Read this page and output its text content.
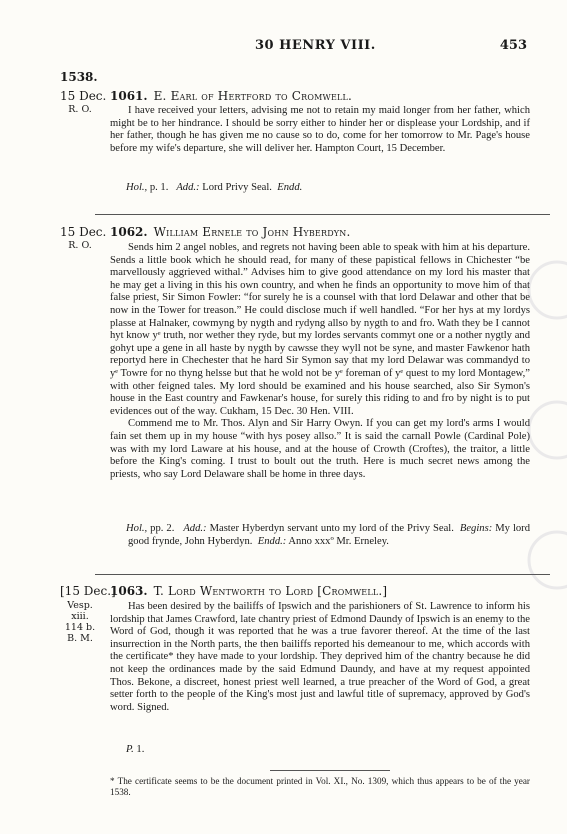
30 HENRY VIII.	453
1538.
15 Dec.
R. O.
1061. E. Earl of Hertford to Cromwell.

I have received your letters, advising me not to retain my maid longer from her father, which might be to her hindrance. I should be sorry either to hinder her or displease your Lordship, and if her father, though he has given me no cause so to do, come for her tomorrow to Mr. Page's house before my wife's departure, she will deliver her. Hampton Court, 15 December.

Hol., p. 1. Add.: Lord Privy Seal. Endd.
15 Dec.
R. O.
1062. William Ernele to John Hyberdyn.

Sends him 2 angel nobles, and regrets not having been able to speak with him at his departure. Sends a little book which he should read, for many of these papistical fellows in Chichester “be marvellously aggrieved withal.” Advises him to give good attendance on my lord his master that he may get a living in this his own country, and when he finds an opportunity to move him of that false priest, Sir Simon Fowler: “for surely he is a counsel with that lord Delawar and other that be now in the Tower for treason.” He could disclose much if well handled. “For her hys at my lordys plasse at Halnaker, cowmyng by nygth and rydyng allso by nygth to and fro. Wath they be I cannot hyt know yᵉ truth, nor wether they ryde, but my lordes servants commyt one or a nother nygtly and gohyt upe a gene in all haste by nygth by cawsse they wyll not be syne, and master Fawkenor hath reportyd here in Chechester that he hard Sir Symon say that my lord Delawar was commandyd to yᵉ Towre for no thyng helsse but that he wold not be yᵉ foreman of yᵉ quest to my lord Montagew,” with other feigned tales. My lord should be examined and his house searched, also Sir Symon's house in the East country and Fawkenar's house, for surely this riding to and fro by night is to put evidences out of the way. Cukham, 15 Dec. 30 Hen. VIII.

Commend me to Mr. Thos. Alyn and Sir Harry Owyn. If you can get my lord's arms I would fain set them up in my house “with hys posey allso.” It is said the carnall Powle (Cardinal Pole) was with my lord Laware at his house, and at the house of Crowth (Croftes), the traitor, a little before the King's coming. I trust to boult out the truth. Here is much secret news among the priests, who say Lord Delaware shall be home in three days.

Hol., pp. 2. Add.: Master Hyberdyn servant unto my lord of the Privy Seal. Begins: My lord good frynde, John Hyberdyn. Endd.: Anno xxxº Mr. Erneley.
[15 Dec.]
Vesp. xiii.
114 b.
B. M.
1063. T. Lord Wentworth to Lord [Cromwell.]

Has been desired by the bailiffs of Ipswich and the parishioners of St. Lawrence to inform his lordship that James Crawford, late chantry priest of Edmond Daundy of Ipswich is an enemy to the Word of God, though it was reported that he was a true favorer thereof. At the time of the last insurrection in the North parts, the then bailiffs reported his demeanour to me, which accords with the certificate* they have made to your lordship. They deprived him of the chantry because he did not keep the ordinances made by the said Edmund Daundy, and have at my request appointed Thos. Bekone, a discreet, honest priest well learned, a true preacher of the Word of God, a great setter forth to the people of the King's most just and lawful title of supremacy, approved by God's word. Signed.

P. 1.
* The certificate seems to be the document printed in Vol. XI., No. 1309, which thus appears to be of the year 1538.
